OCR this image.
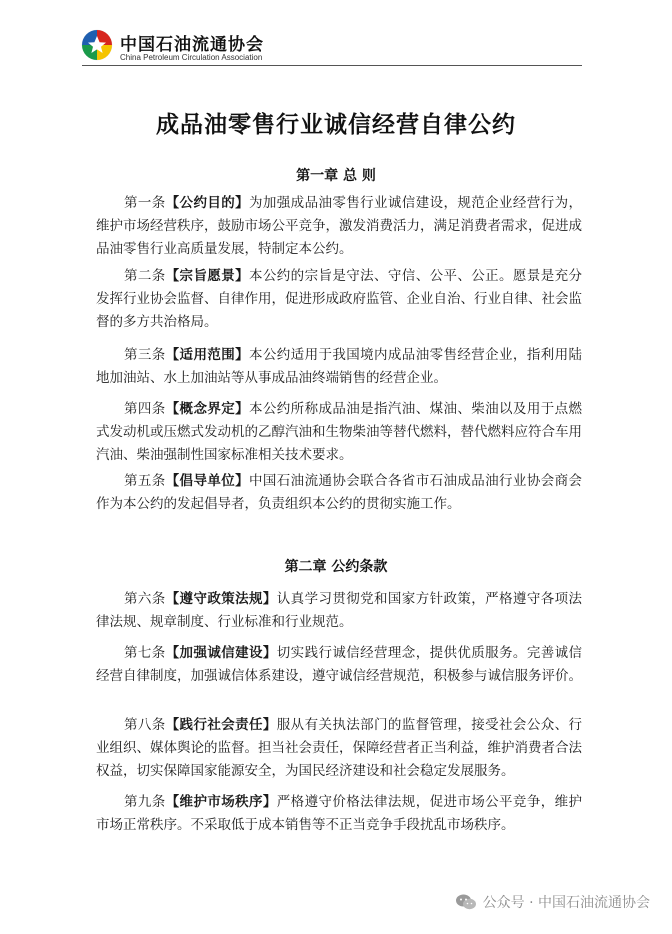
中国石油流通协会
China Petroleum Circulation Association
成品油零售行业诚信经营自律公约
第一章 总 则
第一条【公约目的】为加强成品油零售行业诚信建设，规范企业经营行为，维护市场经营秩序，鼓励市场公平竞争，激发消费活力，满足消费者需求，促进成品油零售行业高质量发展，特制定本公约。
第二条【宗旨愿景】本公约的宗旨是守法、守信、公平、公正。愿景是充分发挥行业协会监督、自律作用，促进形成政府监管、企业自治、行业自律、社会监督的多方共治格局。
第三条【适用范围】本公约适用于我国境内成品油零售经营企业，指利用陆地加油站、水上加油站等从事成品油终端销售的经营企业。
第四条【概念界定】本公约所称成品油是指汽油、煤油、柴油以及用于点燃式发动机或压燃式发动机的乙醇汽油和生物柴油等替代燃料，替代燃料应符合车用汽油、柴油强制性国家标准相关技术要求。
第五条【倡导单位】中国石油流通协会联合各省市石油成品油行业协会商会作为本公约的发起倡导者，负责组织本公约的贯彻实施工作。
第二章 公约条款
第六条【遵守政策法规】认真学习贯彻党和国家方针政策，严格遵守各项法律法规、规章制度、行业标准和行业规范。
第七条【加强诚信建设】切实践行诚信经营理念，提供优质服务。完善诚信经营自律制度，加强诚信体系建设，遵守诚信经营规范，积极参与诚信服务评价。
第八条【践行社会责任】服从有关执法部门的监督管理，接受社会公众、行业组织、媒体舆论的监督。担当社会责任，保障经营者正当利益，维护消费者合法权益，切实保障国家能源安全，为国民经济建设和社会稳定发展服务。
第九条【维护市场秩序】严格遵守价格法律法规，促进市场公平竞争，维护市场正常秩序。不采取低于成本销售等不正当竞争手段扰乱市场秩序。
公众号 · 中国石油流通协会
